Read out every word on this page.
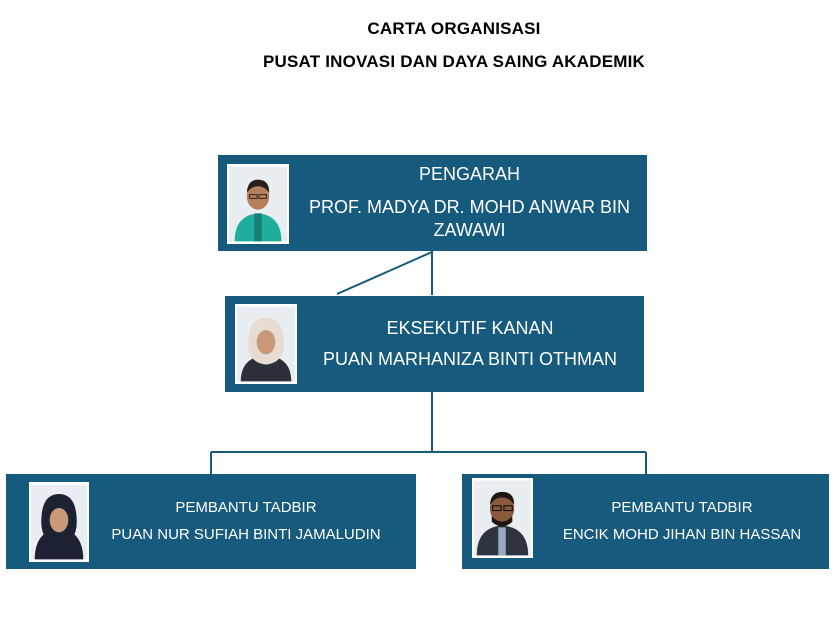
CARTA ORGANISASI
PUSAT INOVASI DAN DAYA SAING AKADEMIK
PENGARAH
PROF. MADYA DR. MOHD ANWAR BIN ZAWAWI
EKSEKUTIF KANAN
PUAN MARHANIZA BINTI OTHMAN
PEMBANTU TADBIR
PUAN NUR SUFIAH BINTI JAMALUDIN
PEMBANTU TADBIR
ENCIK MOHD JIHAN BIN HASSAN
